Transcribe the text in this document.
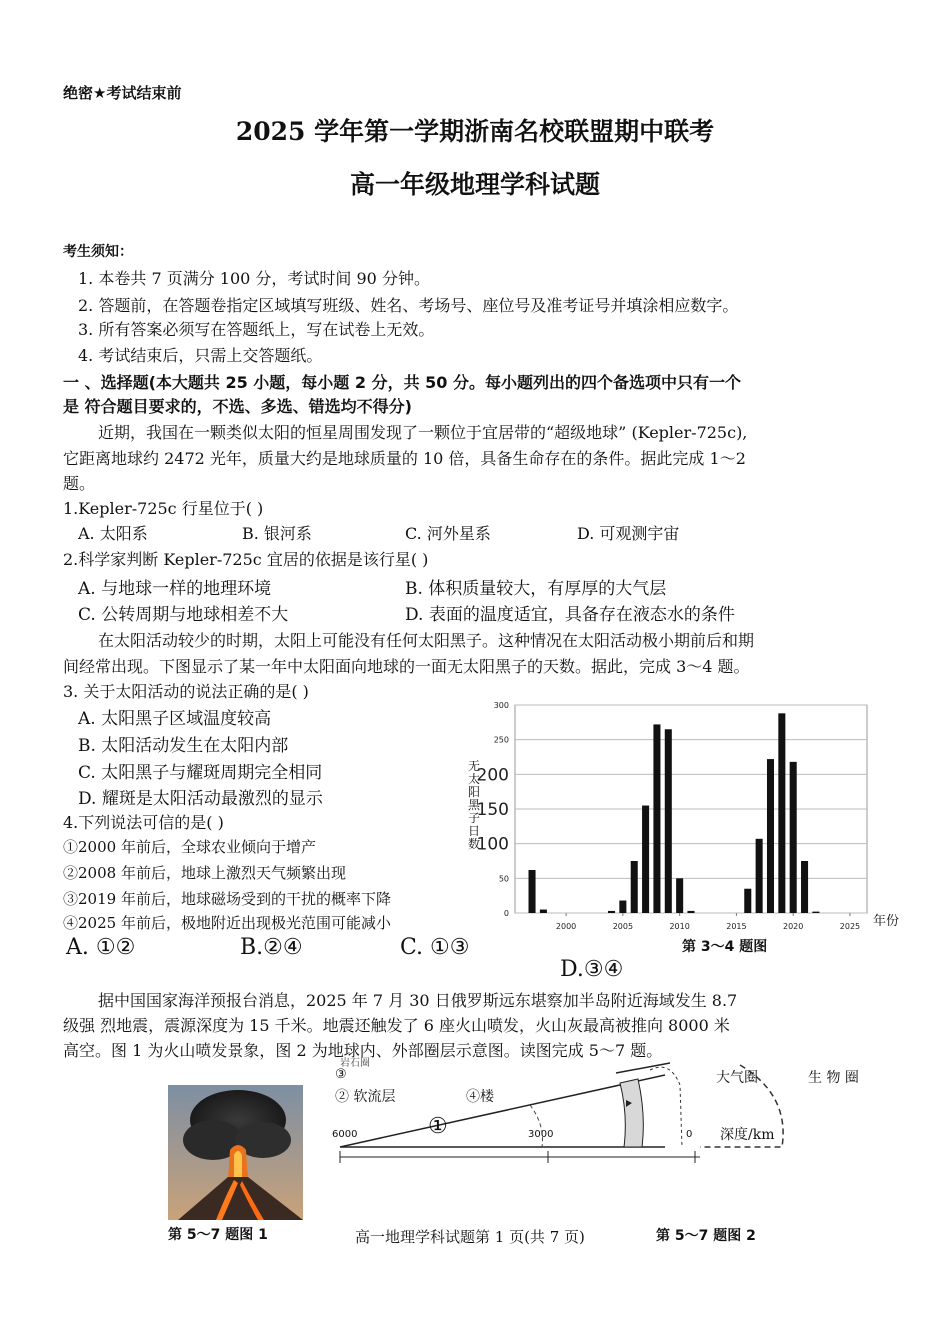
绝密★考试结束前
2025 学年第一学期浙南名校联盟期中联考
高一年级地理学科试题
考生须知：
1. 本卷共 7 页满分 100 分，考试时间 90 分钟。
2. 答题前，在答题卷指定区域填写班级、姓名、考场号、座位号及准考证号并填涂相应数字。
3. 所有答案必须写在答题纸上，写在试卷上无效。
4. 考试结束后，只需上交答题纸。
一 、选择题(本大题共 25 小题，每小题 2 分，共 50 分。每小题列出的四个备选项中只有一个
是 符合题目要求的，不选、多选、错选均不得分)
近期，我国在一颗类似太阳的恒星周围发现了一颗位于宜居带的“超级地球” (Kepler-725c),
它距离地球约 2472 光年，质量大约是地球质量的 10 倍，具备生命存在的条件。据此完成 1～2
题。
1.Kepler-725c 行星位于( )
A. 太阳系	B. 银河系	C. 河外星系	D. 可观测宇宙
2.科学家判断 Kepler-725c 宜居的依据是该行星( )
A. 与地球一样的地理环境	B. 体积质量较大，有厚厚的大气层
C. 公转周期与地球相差不大	D. 表面的温度适宜，具备存在液态水的条件
在太阳活动较少的时期，太阳上可能没有任何太阳黑子。这种情况在太阳活动极小期前后和期
间经常出现。下图显示了某一年中太阳面向地球的一面无太阳黑子的天数。据此，完成 3～4 题。
3. 关于太阳活动的说法正确的是( )
A. 太阳黑子区域温度较高
B. 太阳活动发生在太阳内部
C. 太阳黑子与耀斑周期完全相同
D. 耀斑是太阳活动最激烈的显示
4.下列说法可信的是( )
①2000 年前后，全球农业倾向于增产
②2008 年前后，地球上激烈天气频繁出现
③2019 年前后，地球磁场受到的干扰的概率下降
④2025 年前后，极地附近出现极光范围可能减小
A. ①②	B.②④	C. ①③
D.③④
0
50
100
150
200
250
300
2000	2005	2010	2015	2020	2025 年份
无太阳黑子日数
第 3～4 题图
据中国国家海洋预报台消息，2025 年 7 月 30 日俄罗斯远东堪察加半岛附近海域发生 8.7
级强 烈地震，震源深度为 15 千米。地震还触发了 6 座火山喷发，火山灰最高被推向 8000 米
高空。图 1 为火山喷发景象，图 2 为地球内、外部圈层示意图。读图完成 5～7 题。
第 5～7 题图 1
6000	3000	0
③
岩石圈
② 软流层	④楼
①
大气圈	生 物 圈
深度/km
第 5～7 题图 2
高一地理学科试题第 1 页(共 7 页)
